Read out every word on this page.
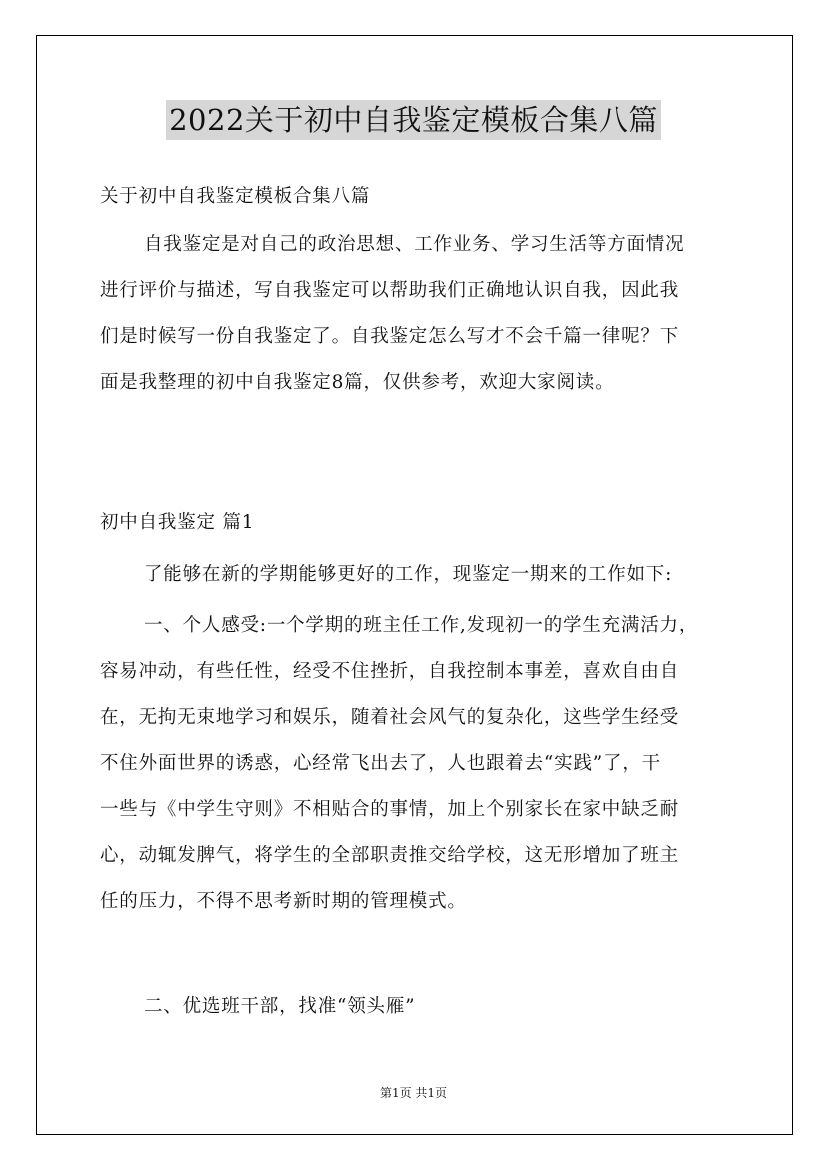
2022关于初中自我鉴定模板合集八篇
关于初中自我鉴定模板合集八篇

自我鉴定是对自己的政治思想、工作业务、学习生活等方面情况

进行评价与描述，写自我鉴定可以帮助我们正确地认识自我，因此我

们是时候写一份自我鉴定了。自我鉴定怎么写才不会千篇一律呢？下

面是我整理的初中自我鉴定8篇，仅供参考，欢迎大家阅读。

初中自我鉴定 篇1
了能够在新的学期能够更好的工作，现鉴定一期来的工作如下:

一、个人感受:一个学期的班主任工作,发现初一的学生充满活力，

容易冲动，有些任性，经受不住挫折，自我控制本事差，喜欢自由自

在，无拘无束地学习和娱乐，随着社会风气的复杂化，这些学生经受

不住外面世界的诱惑，心经常飞出去了，人也跟着去“实践”了，干

一些与《中学生守则》不相贴合的事情，加上个别家长在家中缺乏耐

心，动辄发脾气，将学生的全部职责推交给学校，这无形增加了班主

任的压力，不得不思考新时期的管理模式。

二、优选班干部，找准“领头雁”
第1页 共1页
